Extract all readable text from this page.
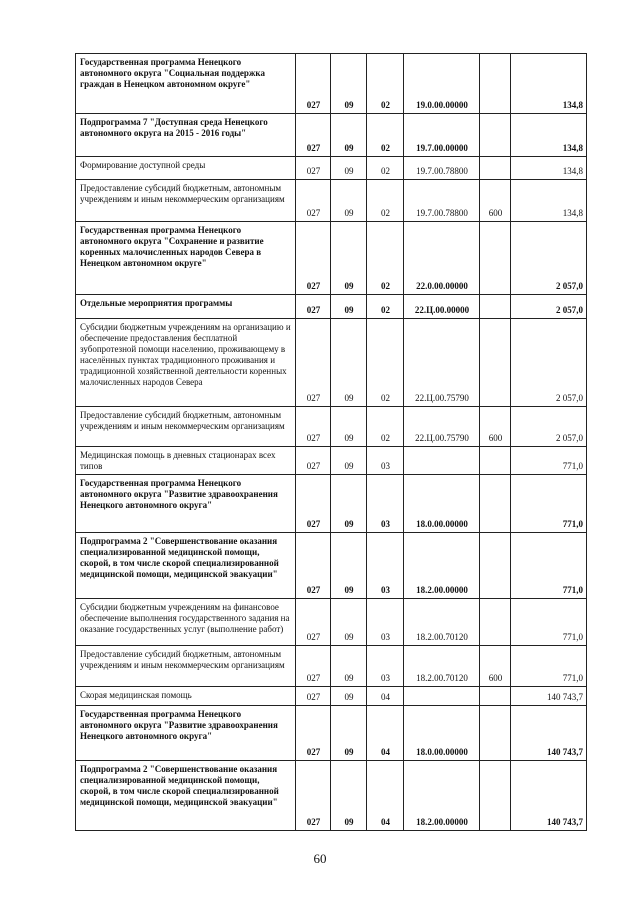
Государственная программа Ненецкого автономного округа "Социальная поддержка граждан в Ненецком автономном округе"	027	09	02	19.0.00.00000		134,8
Подпрограмма 7 "Доступная среда Ненецкого автономного округа на 2015 - 2016 годы"	027	09	02	19.7.00.00000		134,8
Формирование доступной среды	027	09	02	19.7.00.78800		134,8
Предоставление субсидий бюджетным, автономным учреждениям и иным некоммерческим организациям	027	09	02	19.7.00.78800	600	134,8
Государственная программа Ненецкого автономного округа "Сохранение и развитие коренных малочисленных народов Севера в Ненецком автономном округе"	027	09	02	22.0.00.00000		2 057,0
Отдельные мероприятия программы	027	09	02	22.Ц.00.00000		2 057,0
Субсидии бюджетным учреждениям на организацию и обеспечение предоставления бесплатной зубопротезной помощи населению, проживающему в населённых пунктах традиционного проживания и традиционной хозяйственной деятельности коренных малочисленных народов Севера	027	09	02	22.Ц.00.75790		2 057,0
Предоставление субсидий бюджетным, автономным учреждениям и иным некоммерческим организациям	027	09	02	22.Ц.00.75790	600	2 057,0
Медицинская помощь в дневных стационарах всех типов	027	09	03			771,0
Государственная программа Ненецкого автономного округа "Развитие здравоохранения Ненецкого автономного округа"	027	09	03	18.0.00.00000		771,0
Подпрограмма 2 "Совершенствование оказания специализированной медицинской помощи, скорой, в том числе скорой специализированной медицинской помощи, медицинской эвакуации"	027	09	03	18.2.00.00000		771,0
Субсидии бюджетным учреждениям на финансовое обеспечение выполнения государственного задания на оказание государственных услуг (выполнение работ)	027	09	03	18.2.00.70120		771,0
Предоставление субсидий бюджетным, автономным учреждениям и иным некоммерческим организациям	027	09	03	18.2.00.70120	600	771,0
Скорая медицинская помощь	027	09	04			140 743,7
Государственная программа Ненецкого автономного округа "Развитие здравоохранения Ненецкого автономного округа"	027	09	04	18.0.00.00000		140 743,7
Подпрограмма 2 "Совершенствование оказания специализированной медицинской помощи, скорой, в том числе скорой специализированной медицинской помощи, медицинской эвакуации"	027	09	04	18.2.00.00000		140 743,7
60
